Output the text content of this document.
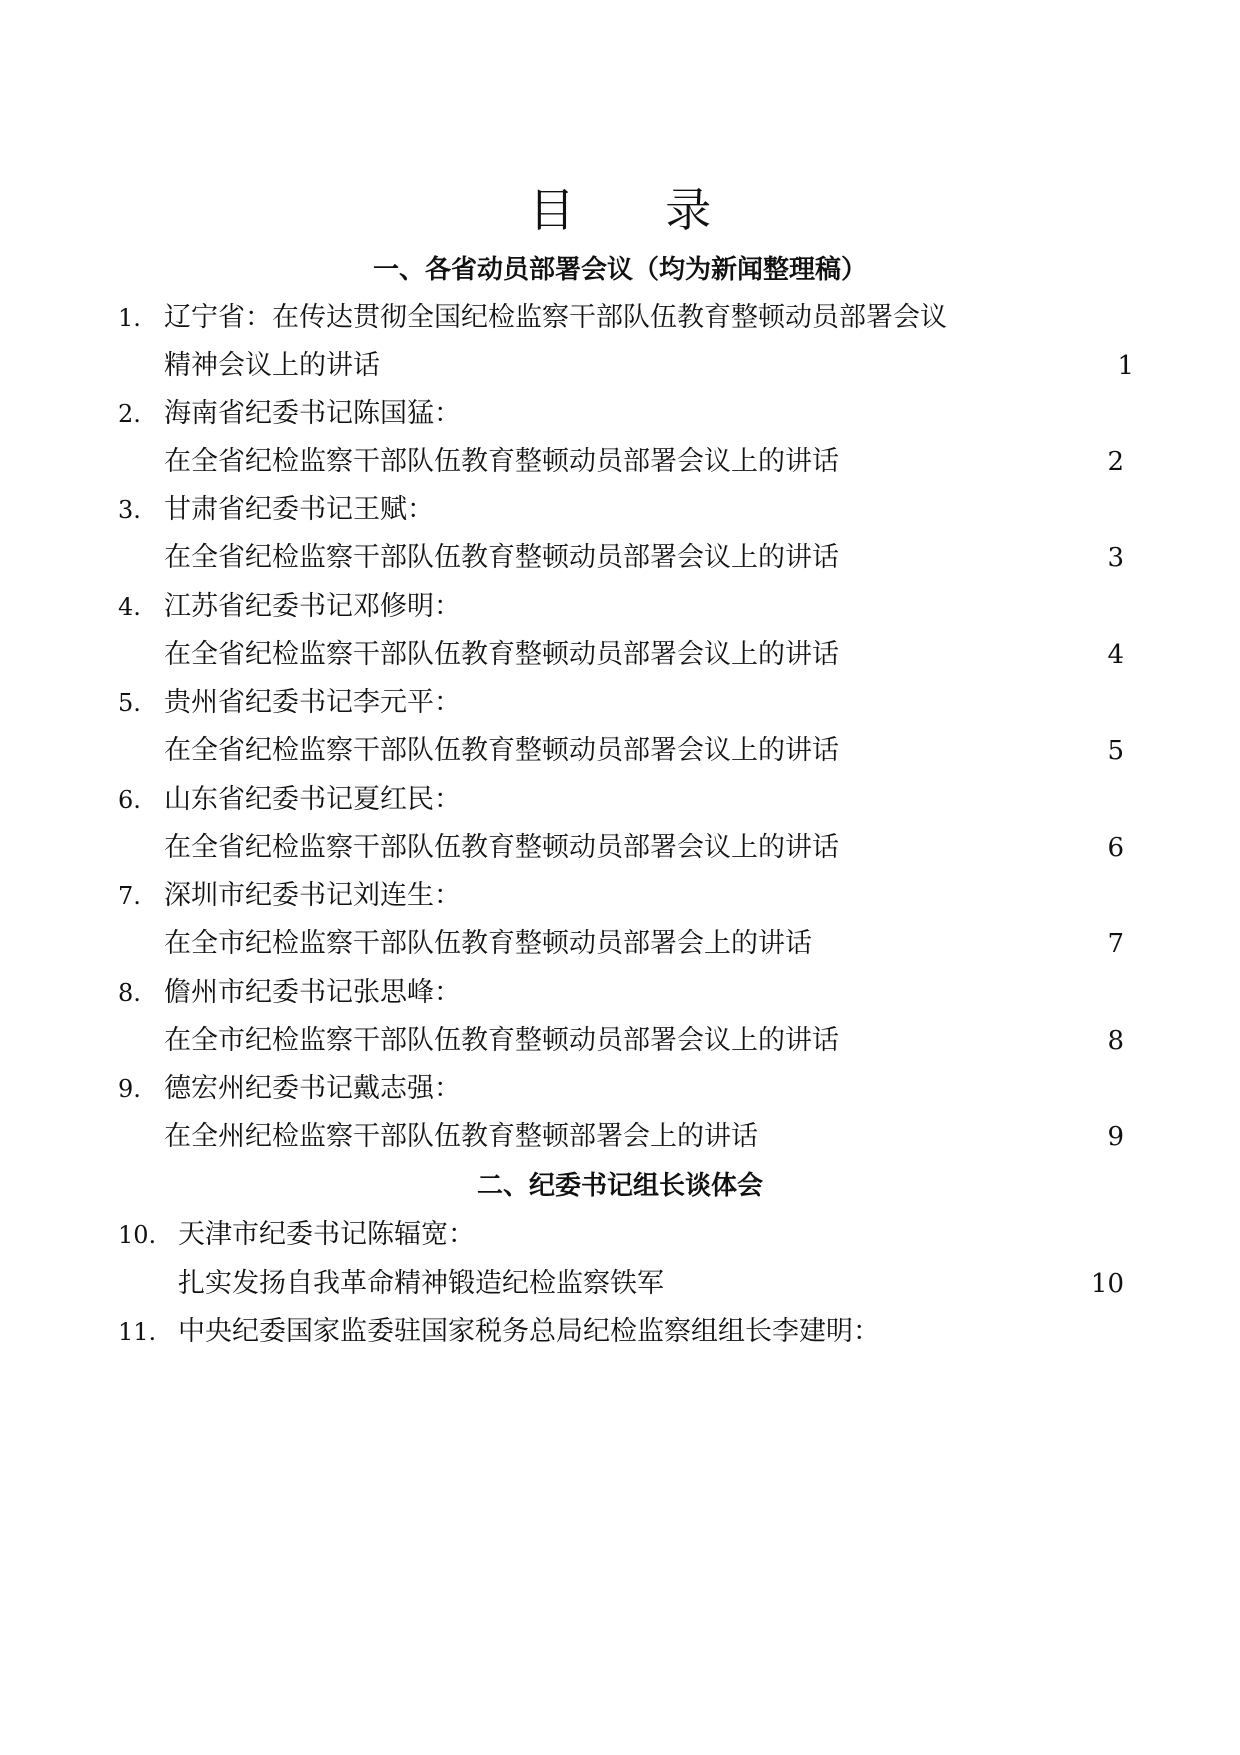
目 录
一、各省动员部署会议（均为新闻整理稿）
1. 辽宁省：在传达贯彻全国纪检监察干部队伍教育整顿动员部署会议
精神会议上的讲话	1
2. 海南省纪委书记陈国猛：
在全省纪检监察干部队伍教育整顿动员部署会议上的讲话	2
3. 甘肃省纪委书记王赋：
在全省纪检监察干部队伍教育整顿动员部署会议上的讲话	3
4. 江苏省纪委书记邓修明：
在全省纪检监察干部队伍教育整顿动员部署会议上的讲话	4
5. 贵州省纪委书记李元平：
在全省纪检监察干部队伍教育整顿动员部署会议上的讲话	5
6. 山东省纪委书记夏红民：
在全省纪检监察干部队伍教育整顿动员部署会议上的讲话	6
7. 深圳市纪委书记刘连生：
在全市纪检监察干部队伍教育整顿动员部署会上的讲话	7
8. 儋州市纪委书记张思峰：
在全市纪检监察干部队伍教育整顿动员部署会议上的讲话	8
9. 德宏州纪委书记戴志强：
在全州纪检监察干部队伍教育整顿部署会上的讲话	9
二、纪委书记组长谈体会
10. 天津市纪委书记陈辐宽：
扎实发扬自我革命精神锻造纪检监察铁军	10
11. 中央纪委国家监委驻国家税务总局纪检监察组组长李建明：
